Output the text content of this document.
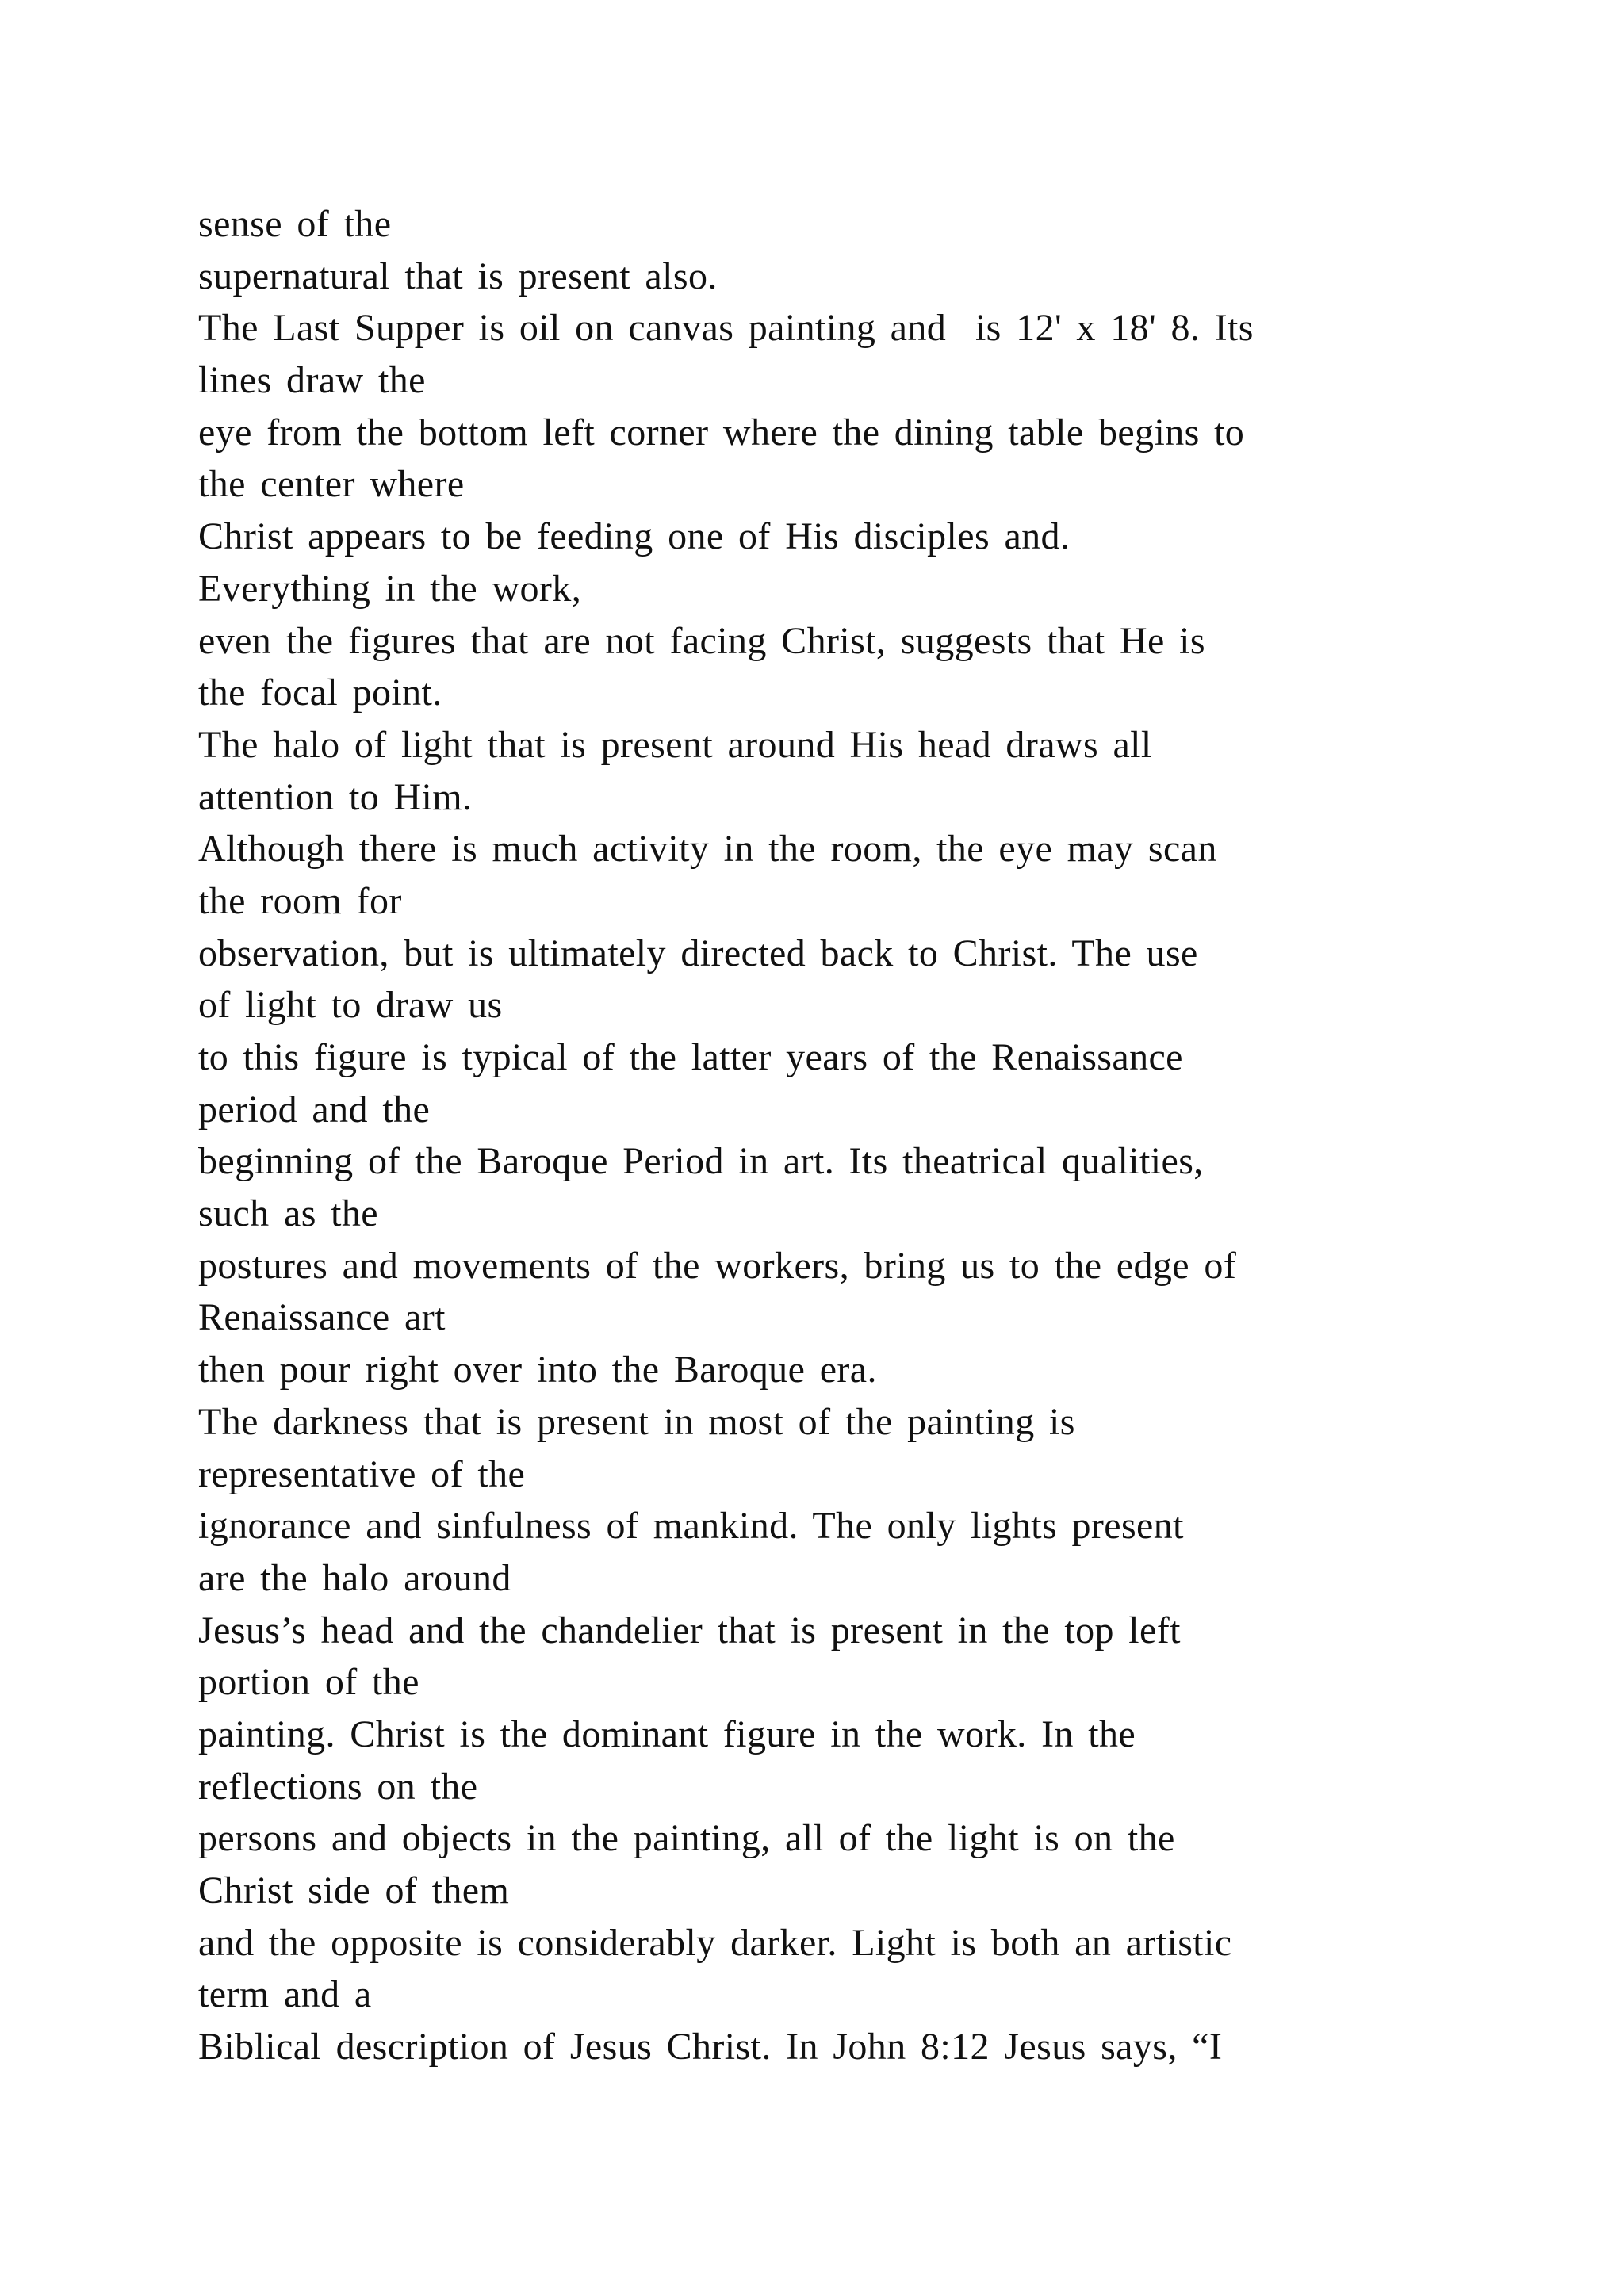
sense of the
supernatural that is present also.
The Last Supper is oil on canvas painting and  is 12' x 18' 8. Its
lines draw the
eye from the bottom left corner where the dining table begins to
the center where
Christ appears to be feeding one of His disciples and.
Everything in the work,
even the figures that are not facing Christ, suggests that He is
the focal point.
The halo of light that is present around His head draws all
attention to Him.
Although there is much activity in the room, the eye may scan
the room for
observation, but is ultimately directed back to Christ. The use
of light to draw us
to this figure is typical of the latter years of the Renaissance
period and the
beginning of the Baroque Period in art. Its theatrical qualities,
such as the
postures and movements of the workers, bring us to the edge of
Renaissance art
then pour right over into the Baroque era.
The darkness that is present in most of the painting is
representative of the
ignorance and sinfulness of mankind. The only lights present
are the halo around
Jesus’s head and the chandelier that is present in the top left
portion of the
painting. Christ is the dominant figure in the work. In the
reflections on the
persons and objects in the painting, all of the light is on the
Christ side of them
and the opposite is considerably darker. Light is both an artistic
term and a
Biblical description of Jesus Christ. In John 8:12 Jesus says, “I
